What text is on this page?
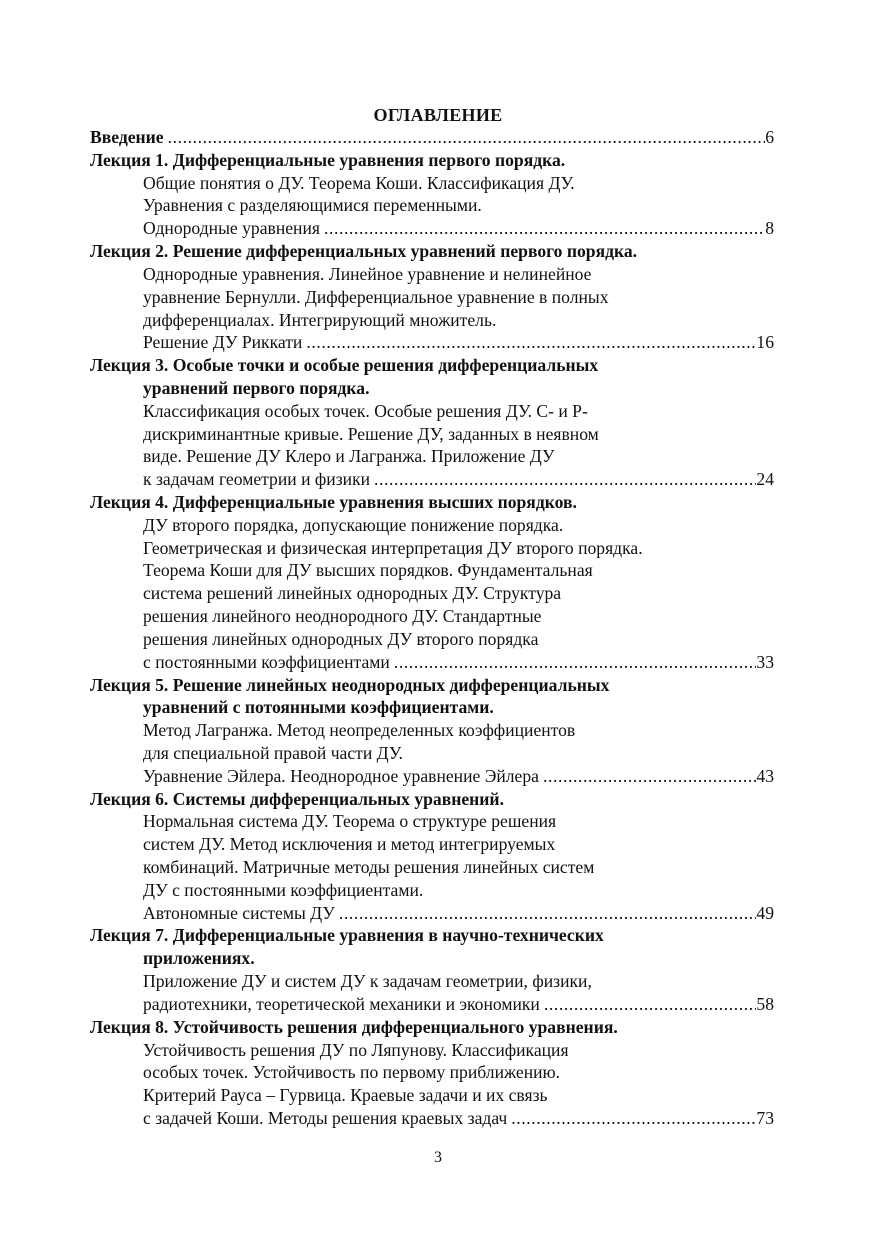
ОГЛАВЛЕНИЕ
Введение .....	6
Лекция 1. Дифференциальные уравнения первого порядка.
Общие понятия о ДУ. Теорема Коши. Классификация ДУ.
Уравнения с разделяющимися переменными.
Однородные уравнения .....	8
Лекция 2. Решение дифференциальных уравнений первого порядка.
Однородные уравнения. Линейное уравнение и нелинейное
уравнение Бернулли. Дифференциальное уравнение в полных
дифференциалах. Интегрирующий множитель.
Решение ДУ Риккати .....	16
Лекция 3. Особые точки и особые решения дифференциальных
уравнений первого порядка.
Классификация особых точек. Особые решения ДУ. С- и Р-
дискриминантные кривые. Решение ДУ, заданных в неявном
виде. Решение ДУ Клеро и Лагранжа. Приложение ДУ
к задачам геометрии и физики .....	24
Лекция 4. Дифференциальные уравнения высших порядков.
ДУ второго порядка, допускающие понижение порядка.
Геометрическая и физическая интерпретация ДУ второго порядка.
Теорема Коши для ДУ высших порядков. Фундаментальная
система решений линейных однородных ДУ. Структура
решения линейного неоднородного ДУ. Стандартные
решения линейных однородных ДУ второго порядка
с постоянными коэффициентами .....	33
Лекция 5. Решение линейных неоднородных дифференциальных
уравнений с потоянными коэффициентами.
Метод Лагранжа. Метод неопределенных коэффициентов
для специальной правой части ДУ.
Уравнение Эйлера. Неоднородное уравнение Эйлера .....	43
Лекция 6. Системы дифференциальных уравнений.
Нормальная система ДУ. Теорема о структуре решения
систем ДУ. Метод исключения и метод интегрируемых
комбинаций. Матричные методы решения линейных систем
ДУ с постоянными коэффициентами.
Автономные системы ДУ .....	49
Лекция 7. Дифференциальные уравнения в научно-технических
приложениях.
Приложение ДУ и систем ДУ к задачам геометрии, физики,
радиотехники, теоретической механики и экономики .....	58
Лекция 8. Устойчивость решения дифференциального уравнения.
Устойчивость решения ДУ по Ляпунову. Классификация
особых точек. Устойчивость по первому приближению.
Критерий Рауса – Гурвица. Краевые задачи и их связь
с задачей Коши. Методы решения краевых задач .....	73
3
